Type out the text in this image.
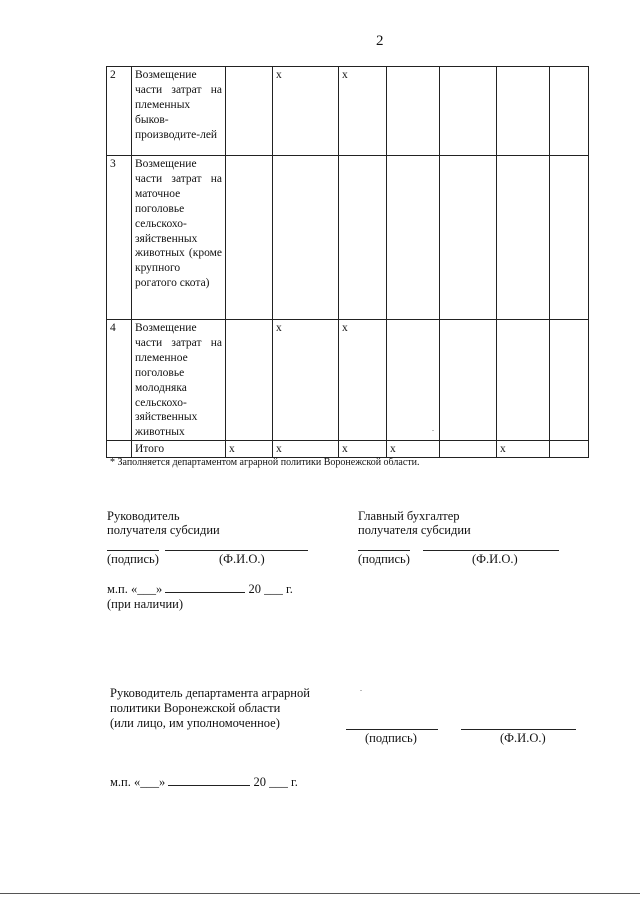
2
2	Возмещение части затрат на племенных быков-производите-лей		х	х				
3	Возмещение части затрат на маточное поголовье сельскохо-зяйственных животных (кроме крупного рогатого скота)							
4	Возмещение части затрат на племенное поголовье молодняка сельскохо-зяйственных животных		х	х				
	Итого	х	х	х	х		х	
* Заполняется департаментом аграрной политики Воронежской области.
Руководитель
получателя субсидии
(подпись)	(Ф.И.О.)
Главный бухгалтер
получателя субсидии
(подпись)	(Ф.И.О.)
м.п. «___»	20 ___ г.
(при наличии)
Руководитель департамента аграрной
политики Воронежской области
(или лицо, им уполномоченное)
(подпись)	(Ф.И.О.)
м.п. «___»	20 ___ г.
